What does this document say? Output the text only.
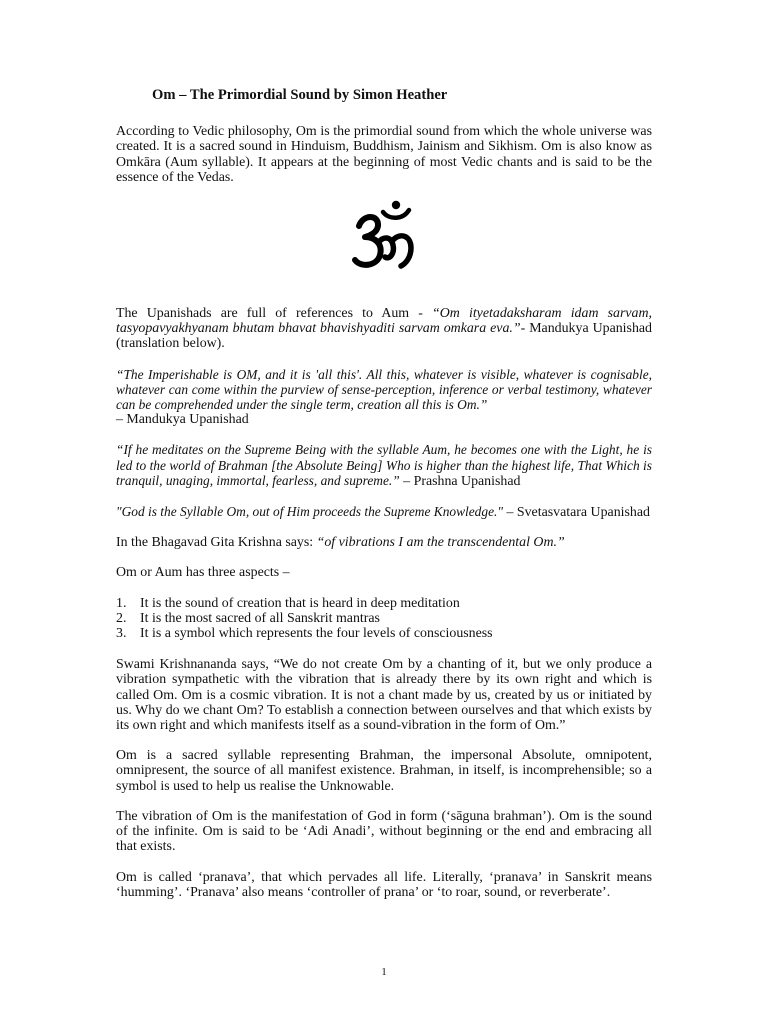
Om – The Primordial Sound by Simon Heather

According to Vedic philosophy, Om is the primordial sound from which the whole universe was created. It is a sacred sound in Hinduism, Buddhism, Jainism and Sikhism. Om is also know as Omkāra (Aum syllable). It appears at the beginning of most Vedic chants and is said to be the essence of the Vedas.

The Upanishads are full of references to Aum - “Om ityetadaksharam idam sarvam, tasyopavyakhyanam bhutam bhavat bhavishyaditi sarvam omkara eva.”- Mandukya Upanishad (translation below).

“The Imperishable is OM, and it is 'all this'. All this, whatever is visible, whatever is cognisable, whatever can come within the purview of sense-perception, inference or verbal testimony, whatever can be comprehended under the single term, creation all this is Om.”

– Mandukya Upanishad

“If he meditates on the Supreme Being with the syllable Aum, he becomes one with the Light, he is led to the world of Brahman [the Absolute Being] Who is higher than the highest life, That Which is tranquil, unaging, immortal, fearless, and supreme.” – Prashna Upanishad

"God is the Syllable Om, out of Him proceeds the Supreme Knowledge." – Svetasvatara Upanishad

In the Bhagavad Gita Krishna says: “of vibrations I am the transcendental Om.”

Om or Aum has three aspects –

1. It is the sound of creation that is heard in deep meditation
2. It is the most sacred of all Sanskrit mantras
3. It is a symbol which represents the four levels of consciousness

Swami Krishnananda says, “We do not create Om by a chanting of it, but we only produce a vibration sympathetic with the vibration that is already there by its own right and which is called Om. Om is a cosmic vibration. It is not a chant made by us, created by us or initiated by us. Why do we chant Om? To establish a connection between ourselves and that which exists by its own right and which manifests itself as a sound-vibration in the form of Om.”

Om is a sacred syllable representing Brahman, the impersonal Absolute, omnipotent, omnipresent, the source of all manifest existence. Brahman, in itself, is incomprehensible; so a symbol is used to help us realise the Unknowable.

The vibration of Om is the manifestation of God in form (‘sāguna brahman’). Om is the sound of the infinite. Om is said to be ‘Adi Anadi’, without beginning or the end and embracing all that exists.

Om is called ‘pranava’, that which pervades all life. Literally, ‘pranava’ in Sanskrit means ‘humming’. ‘Pranava’ also means ‘controller of prana’ or ‘to roar, sound, or reverberate’.

1
